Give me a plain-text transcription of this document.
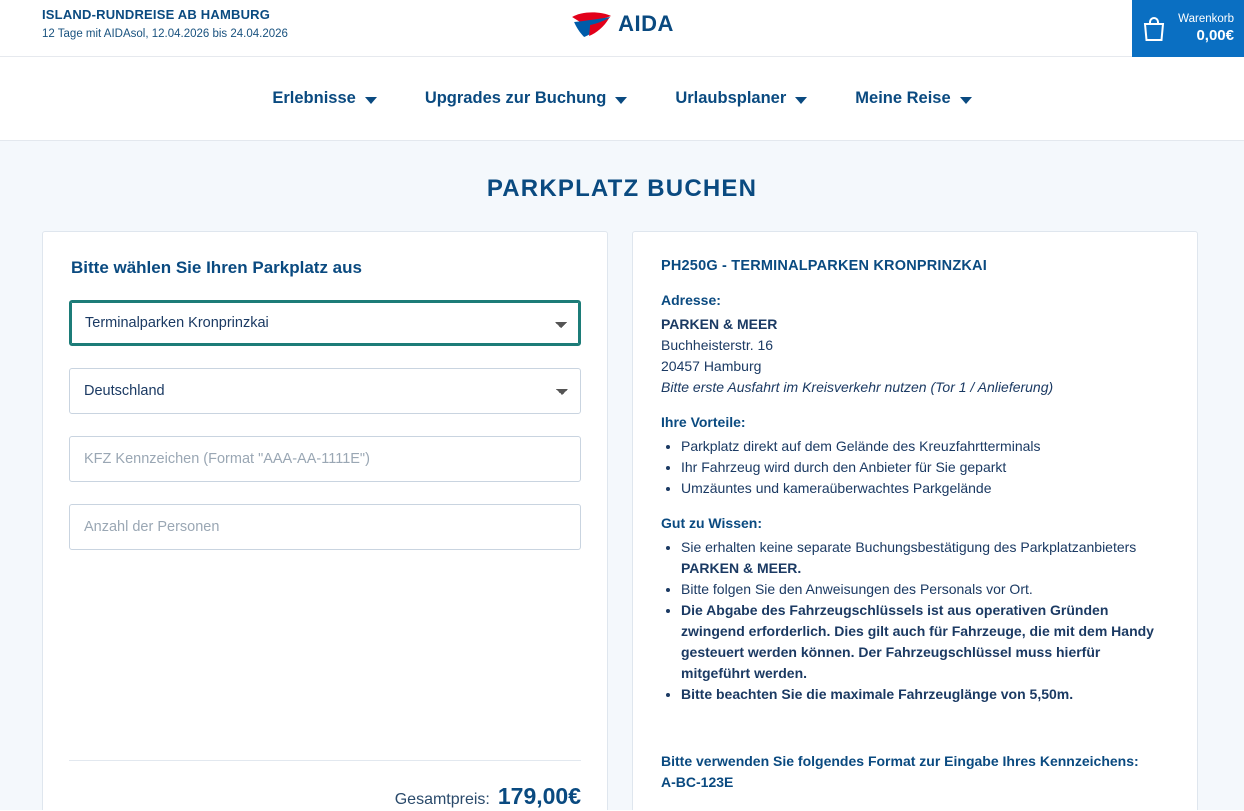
ISLAND-RUNDREISE AB HAMBURG
12 Tage mit AIDAsol, 12.04.2026 bis 24.04.2026	AIDA	Warenkorb
0,00€
Erlebnisse	Upgrades zur Buchung	Urlaubsplaner	Meine Reise
PARKPLATZ BUCHEN
Bitte wählen Sie Ihren Parkplatz aus
Terminalparken Kronprinzkai
Deutschland
KFZ Kennzeichen (Format "AAA-AA-1111E")
Anzahl der Personen
Gesamtpreis: 179,00€
PH250G - TERMINALPARKEN KRONPRINZKAI
Adresse:
PARKEN & MEER
Buchheisterstr. 16
20457 Hamburg
Bitte erste Ausfahrt im Kreisverkehr nutzen (Tor 1 / Anlieferung)
Ihre Vorteile:
• Parkplatz direkt auf dem Gelände des Kreuzfahrtterminals
• Ihr Fahrzeug wird durch den Anbieter für Sie geparkt
• Umzäuntes und kameraüberwachtes Parkgelände
Gut zu Wissen:
• Sie erhalten keine separate Buchungsbestätigung des Parkplatzanbieters PARKEN & MEER.
• Bitte folgen Sie den Anweisungen des Personals vor Ort.
• Die Abgabe des Fahrzeugschlüssels ist aus operativen Gründen zwingend erforderlich. Dies gilt auch für Fahrzeuge, die mit dem Handy gesteuert werden können. Der Fahrzeugschlüssel muss hierfür mitgeführt werden.
• Bitte beachten Sie die maximale Fahrzeuglänge von 5,50m.
Bitte verwenden Sie folgendes Format zur Eingabe Ihres Kennzeichens:
A-BC-123E
